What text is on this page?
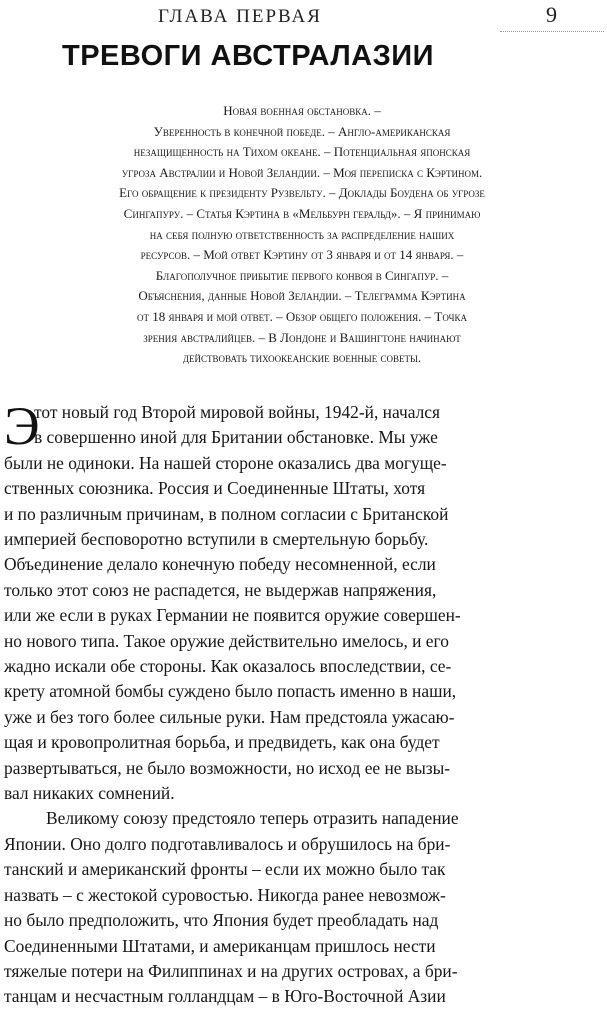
ГЛАВА ПЕРВАЯ	9
ТРЕВОГИ АВСТРАЛАЗИИ
Новая военная обстановка. –
Уверенность в конечной победе. – Англо-американская
незащищенность на Тихом океане. – Потенциальная японская
угроза Австралии и Новой Зеландии. – Моя переписка с Кэртином.
Его обращение к президенту Рузвельту. – Доклады Боудена об угрозе
Сингапуру. – Статья Кэртина в «Мельбурн геральд». – Я принимаю
на себя полную ответственность за распределение наших
ресурсов. – Мой ответ Кэртину от 3 января и от 14 января. –
Благополучное прибытие первого конвоя в Сингапур. –
Объяснения, данные Новой Зеландии. – Телеграмма Кэртина
от 18 января и мой ответ. – Обзор общего положения. – Точка
зрения австралийцев. – В Лондоне и Вашингтоне начинают
действовать тихоокеанские военные советы.
Э
тот новый год Второй мировой войны, 1942-й, начался
в совершенно иной для Британии обстановке. Мы уже
были не одиноки. На нашей стороне оказались два могуще-
ственных союзника. Россия и Соединенные Штаты, хотя
и по различным причинам, в полном согласии с Британской
империей бесповоротно вступили в смертельную борьбу.
Объединение делало конечную победу несомненной, если
только этот союз не распадется, не выдержав напряжения,
или же если в руках Германии не появится оружие совершен-
но нового типа. Такое оружие действительно имелось, и его
жадно искали обе стороны. Как оказалось впоследствии, се-
крету атомной бомбы суждено было попасть именно в наши,
уже и без того более сильные руки. Нам предстояла ужасаю-
щая и кровопролитная борьба, и предвидеть, как она будет
развертываться, не было возможности, но исход ее не вызы-
вал никаких сомнений.
Великому союзу предстояло теперь отразить нападение
Японии. Оно долго подготавливалось и обрушилось на бри-
танский и американский фронты – если их можно было так
назвать – с жестокой суровостью. Никогда ранее невозмож-
но было предположить, что Япония будет преобладать над
Соединенными Штатами, и американцам пришлось нести
тяжелые потери на Филиппинах и на других островах, а бри-
танцам и несчастным голландцам – в Юго-Восточной Азии
